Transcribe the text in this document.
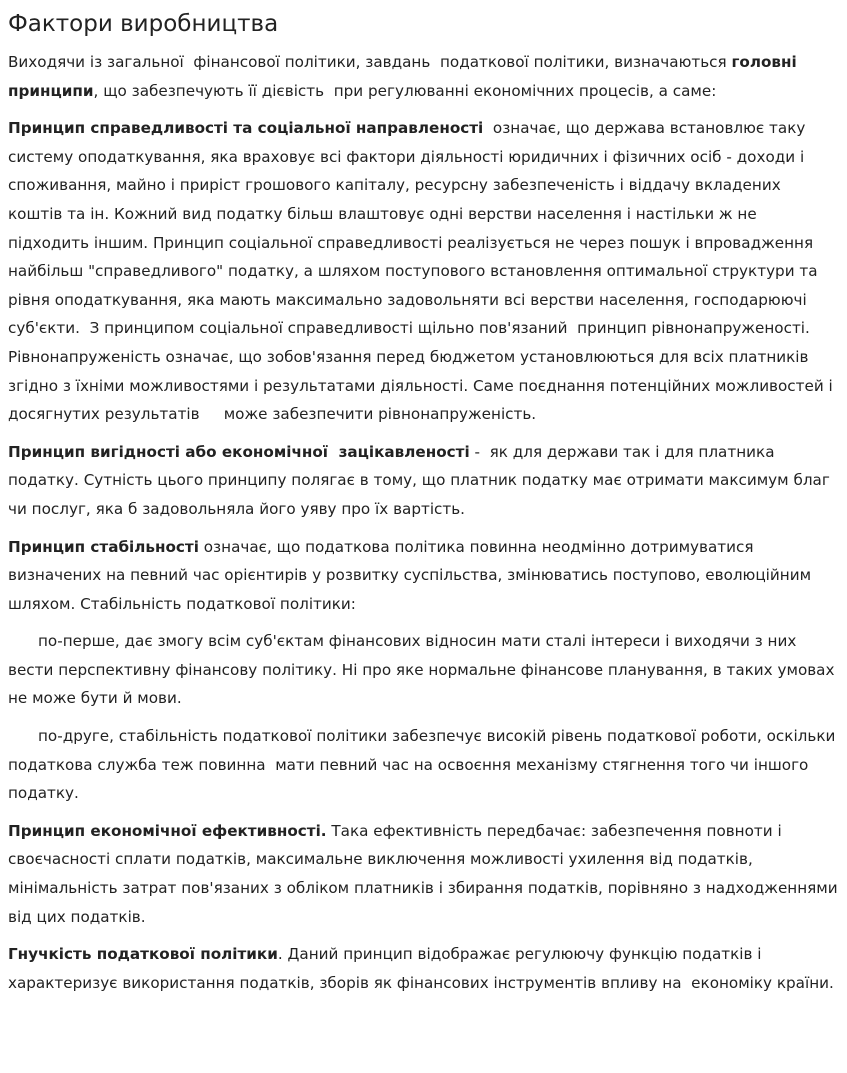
Фактори виробництва

Виходячи із загальної  фінансової політики, завдань  податкової політики, визначаються головні принципи, що забезпечують її дієвість  при регулюванні економічних процесів, а саме:

Принцип справедливості та соціальної направленості  означає, що держава встановлює таку систему оподаткування, яка враховує всі фактори діяльності юридичних і фізичних осіб - доходи і споживання, майно і приріст грошового капіталу, ресурсну забезпеченість і віддачу вкладених коштів та ін. Кожний вид податку більш влаштовує одні верстви населення і настільки ж не підходить іншим. Принцип соціальної справедливості реалізується не через пошук і впровадження найбільш "справедливого" податку, а шляхом поступового встановлення оптимальної структури та рівня оподаткування, яка мають максимально задовольняти всі верстви населення, господарюючі суб'єкти.  З принципом соціальної справедливості щільно пов'язаний  принцип рівнонапруженості. Рівнонапруженість означає, що зобов'язання перед бюджетом установлюються для всіх платників згідно з їхніми можливостями і результатами діяльності. Саме поєднання потенційних можливостей і досягнутих результатів     може забезпечити рівнонапруженість.

Принцип вигідності або економічної  зацікавленості -  як для держави так і для платника податку. Сутність цього принципу полягає в тому, що платник податку має отримати максимум благ чи послуг, яка б задовольняла його уяву про їх вартість.

Принцип стабільності означає, що податкова політика повинна неодмінно дотримуватися визначених на певний час орієнтирів у розвитку суспільства, змінюватись поступово, еволюційним шляхом. Стабільність податкової політики:

по-перше, дає змогу всім суб'єктам фінансових відносин мати сталі інтереси і виходячи з них вести перспективну фінансову політику. Ні про яке нормальне фінансове планування, в таких умовах не може бути й мови.

по-друге, стабільність податкової політики забезпечує високій рівень податкової роботи, оскільки податкова служба теж повинна  мати певний час на освоєння механізму стягнення того чи іншого податку.

Принцип економічної ефективності. Така ефективність передбачає: забезпечення повноти і своєчасності сплати податків, максимальне виключення можливості ухилення від податків, мінімальність затрат пов'язаних з обліком платників і збирання податків, порівняно з надходженнями від цих податків.

Гнучкість податкової політики. Даний принцип відображає регулюючу функцію податків і характеризує використання податків, зборів як фінансових інструментів впливу на  економіку країни.
